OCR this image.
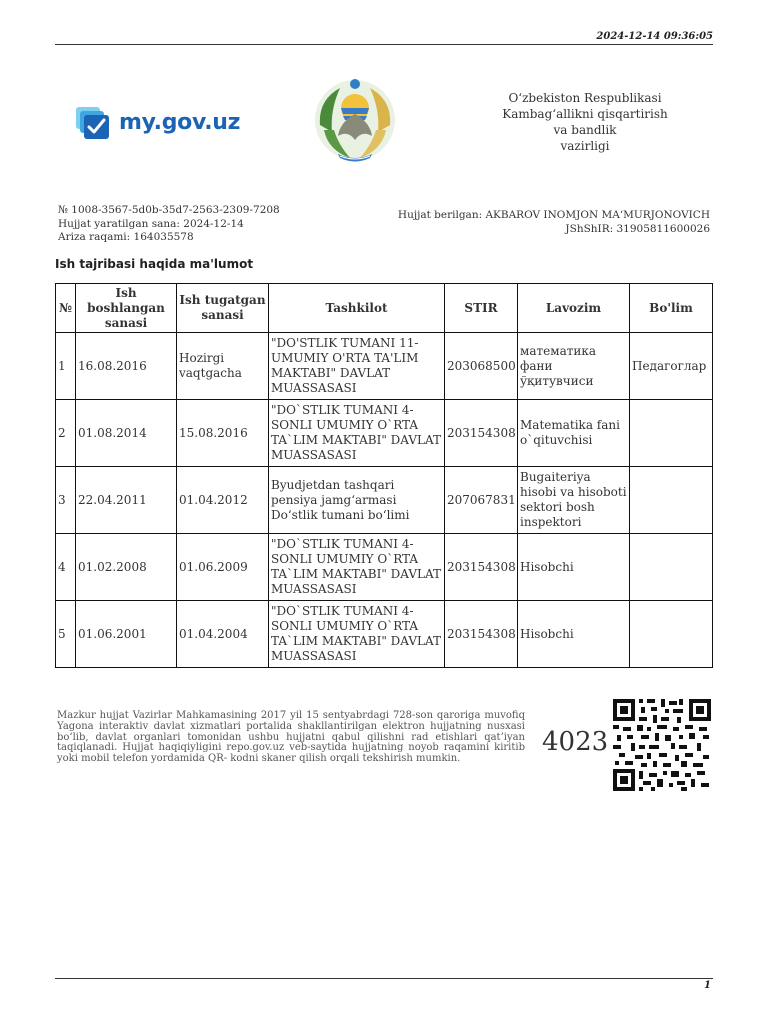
2024-12-14 09:36:05
my.gov.uz
O‘zbekiston Respublikasi
Kambag‘allikni qisqartirish
va bandlik
vazirligi
№ 1008-3567-5d0b-35d7-2563-2309-7208
Hujjat yaratilgan sana: 2024-12-14
Ariza raqami: 164035578
Hujjat berilgan: AKBAROV INOMJON MA‘MURJONOVICH
JShShIR: 31905811600026
Ish tajribasi haqida ma'lumot
№	Ish boshlangan sanasi	Ish tugatgan sanasi	Tashkilot	STIR	Lavozim	Bo'lim
1	16.08.2016	Hozirgi vaqtgacha	"DO'STLIK TUMANI 11-UMUMIY O'RTA TA'LIM MAKTABI" DAVLAT MUASSASASI	203068500	математика фани ўқитувчиси	Педагоглар
2	01.08.2014	15.08.2016	"DO`STLIK TUMANI 4-SONLI UMUMIY O`RTA TA`LIM MAKTABI" DAVLAT MUASSASASI	203154308	Matematika fani o`qituvchisi	
3	22.04.2011	01.04.2012	Byudjetdan tashqari pensiya jamg‘armasi Do‘stlik tumani bo‘limi	207067831	Bugaiteriya hisobi va hisoboti sektori bosh inspektori	
4	01.02.2008	01.06.2009	"DO`STLIK TUMANI 4-SONLI UMUMIY O`RTA TA`LIM MAKTABI" DAVLAT MUASSASASI	203154308	Hisobchi	
5	01.06.2001	01.04.2004	"DO`STLIK TUMANI 4-SONLI UMUMIY O`RTA TA`LIM MAKTABI" DAVLAT MUASSASASI	203154308	Hisobchi	
Mazkur hujjat Vazirlar Mahkamasining 2017 yil 15 sentyabrdagi 728-son qaroriga muvofiq Yagona interaktiv davlat xizmatlari portalida shakllantirilgan elektron hujjatning nusxasi bo‘lib, davlat organlari tomonidan ushbu hujjatni qabul qilishni rad etishlari qat’iyan taqiqlanadi. Hujjat haqiqiyligini repo.gov.uz veb-saytida hujjatning noyob raqamini kiritib yoki mobil telefon yordamida QR- kodni skaner qilish orqali tekshirish mumkin.
4023
1
